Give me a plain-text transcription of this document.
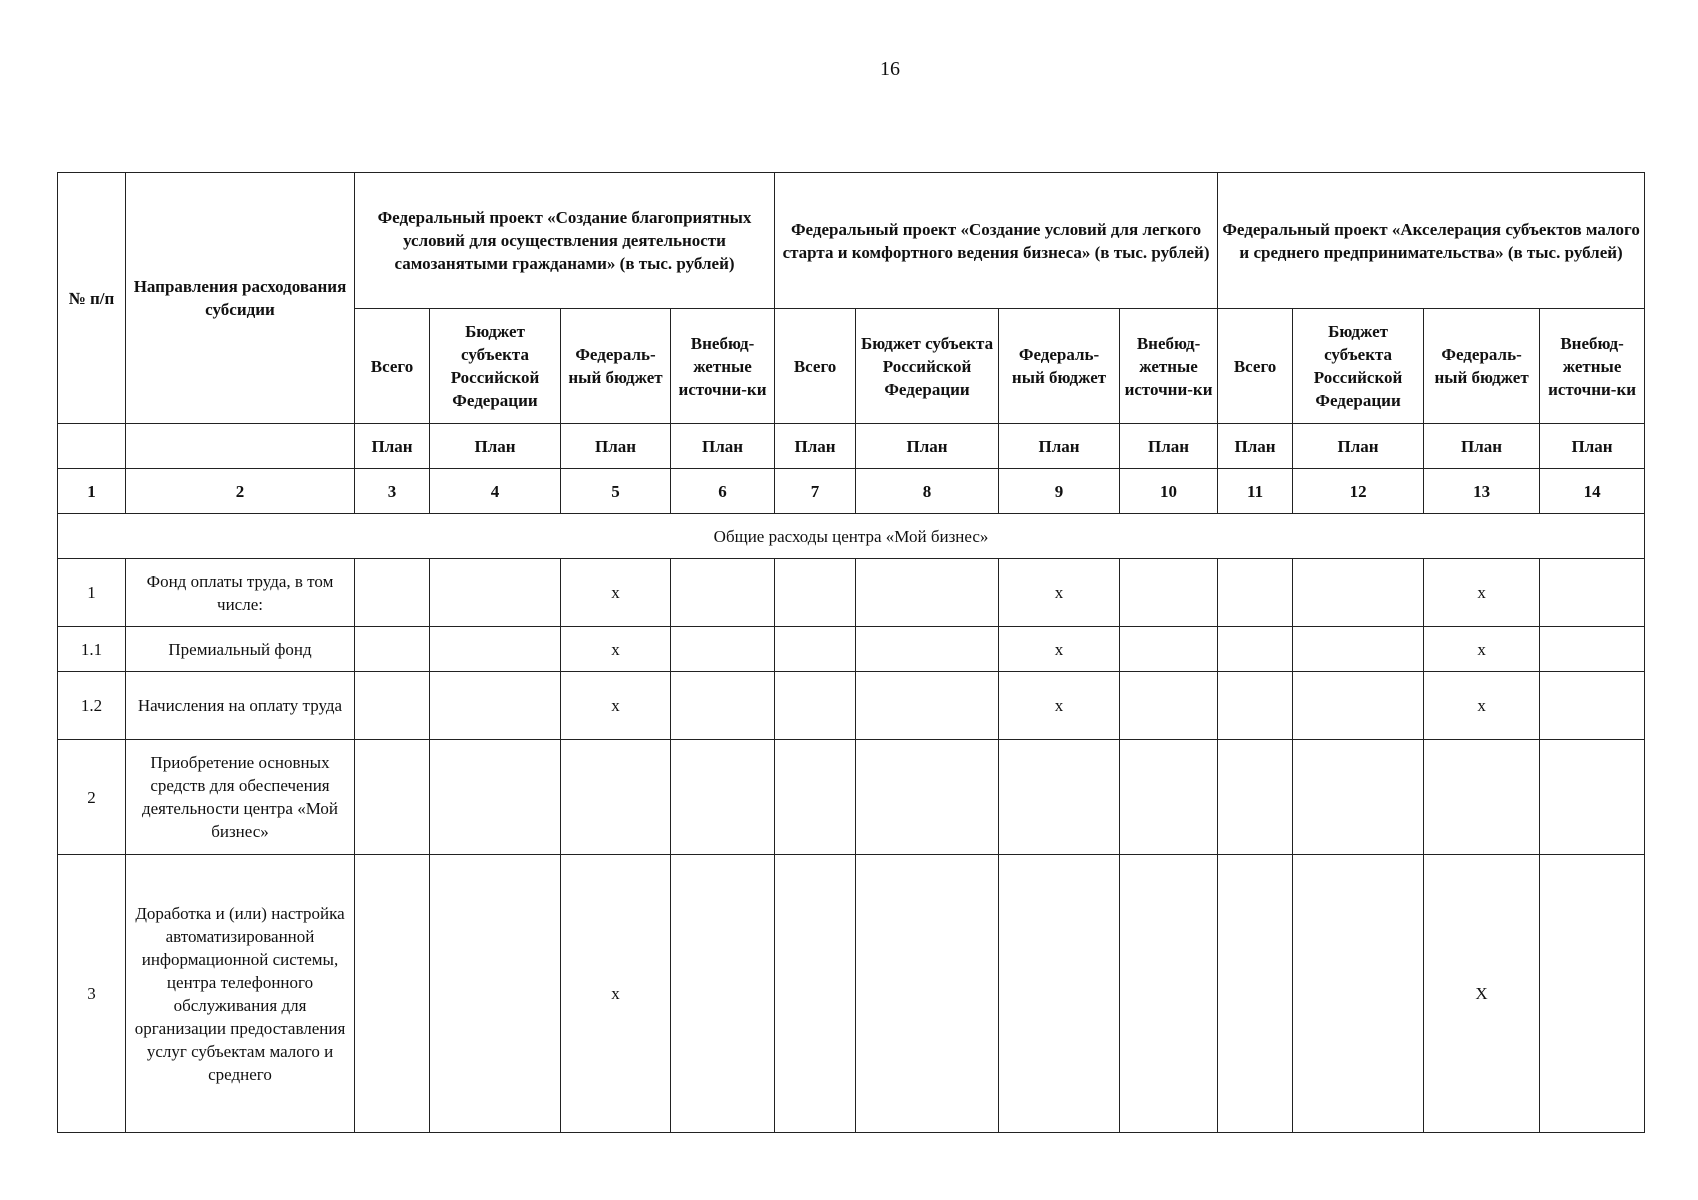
16
№ п/п	Направления расходования субсидии	Федеральный проект «Создание благоприятных условий для осуществления деятельности самозанятыми гражданами» (в тыс. рублей)				Федеральный проект «Создание условий для легкого старта и комфортного ведения бизнеса» (в тыс. рублей)				Федеральный проект «Акселерация субъектов малого и среднего предпринимательства» (в тыс. рублей)			
		Всего	Бюджет субъекта Российской Федерации	Федераль-ный бюджет	Внебюд-жетные источни-ки	Всего	Бюджет субъекта Российской Федерации	Федераль-ный бюджет	Внебюд-жетные источни-ки	Всего	Бюджет субъекта Российской Федерации	Федераль-ный бюджет	Внебюд-жетные источни-ки
		План	План	План	План	План	План	План	План	План	План	План	План
1	2	3	4	5	6	7	8	9	10	11	12	13	14
Общие расходы центра «Мой бизнес»													
1	Фонд оплаты труда, в том числе:			x				x				x	
1.1	Премиальный фонд			x				x				x	
1.2	Начисления на оплату труда			x				x				x	
2	Приобретение основных средств для обеспечения деятельности центра «Мой бизнес»												
3	Доработка и (или) настройка автоматизированной информационной системы, центра телефонного обслуживания для организации предоставления услуг субъектам малого и среднего			x								X	
